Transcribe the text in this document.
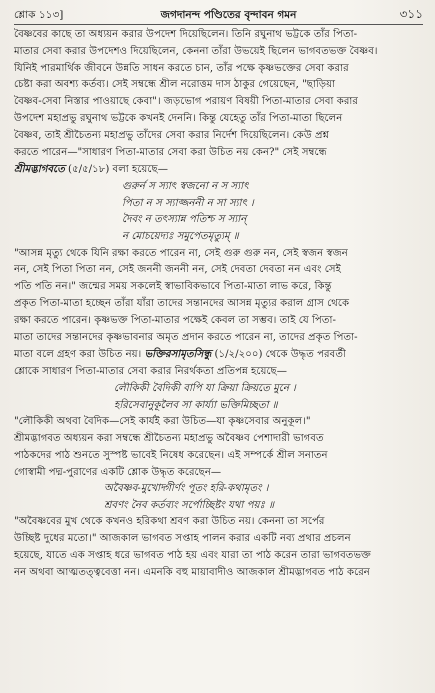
শ্লোক ১১৩]	জগদানন্দ পণ্ডিতের বৃন্দাবন গমন	৩১১

বৈষ্ণবের কাছে তা অধ্যয়ন করার উপদেশ দিয়েছিলেন। তিনি রঘুনাথ ভট্টকে তাঁর পিতা-

মাতার সেবা করার উপদেশও দিয়েছিলেন, কেননা তাঁরা উভয়েই ছিলেন ভাগবতভক্ত বৈষ্ণব।

যিনিই পারমার্থিক জীবনে উন্নতি সাধন করতে চান, তাঁর পক্ষে কৃষ্ণভক্তের সেবা করার

চেষ্টা করা অবশ্য কর্তব্য। সেই সম্বন্ধে শ্রীল নরোত্তম দাস ঠাকুর গেয়েছেন, "ছাড়িয়া

বৈষ্ণব-সেবা নিস্তার পাওয়াছে কেবা"। জড়ভোগ পরায়ণ বিষয়ী পিতা-মাতার সেবা করার

উপদেশ মহাপ্রভু রঘুনাথ ভট্টকে কখনই দেননি। কিন্তু যেহেতু তাঁর পিতা-মাতা ছিলেন

বৈষ্ণব, তাই শ্রীচৈতন্য মহাপ্রভু তাঁদের সেবা করার নির্দেশ দিয়েছিলেন। কেউ প্রশ্ন

করতে পারেন—"সাধারণ পিতা-মাতার সেবা করা উচিত নয় কেন?" সেই সম্বন্ধে

শ্রীমদ্ভাগবতে (৫/৫/১৮) বলা হয়েছে—

গুরুর্ন স স্যাৎ স্বজনো ন স স্যাৎ

পিতা ন স স্যাজ্জননী ন সা স্যাৎ ।

দৈবং ন তৎস্যান্ন পতিশ্চ স স্যান্

ন মোচয়েদ্যঃ সমুপেতমৃত্যুম্ ॥

"আসন্ন মৃত্যু থেকে যিনি রক্ষা করতে পারেন না, সেই গুরু গুরু নন, সেই স্বজন স্বজন

নন, সেই পিতা পিতা নন, সেই জননী জননী নন, সেই দেবতা দেবতা নন এবং সেই

পতি পতি নন।" জন্মের সময় সকলেই স্বাভাবিকভাবে পিতা-মাতা লাভ করে, কিন্তু

প্রকৃত পিতা-মাতা হচ্ছেন তাঁরা যাঁরা তাদের সন্তানদের আসন্ন মৃত্যুর করাল গ্রাস থেকে

রক্ষা করতে পারেন। কৃষ্ণভক্ত পিতা-মাতার পক্ষেই কেবল তা সম্ভব। তাই যে পিতা-

মাতা তাদের সন্তানদের কৃষ্ণভাবনার অমৃত প্রদান করতে পারেন না, তাদের প্রকৃত পিতা-

মাতা বলে গ্রহণ করা উচিত নয়। ভক্তিরসামৃতসিন্ধু (১/২/২০০) থেকে উদ্ধৃত পরবর্তী

শ্লোকে সাধারণ পিতা-মাতার সেবা করার নিরর্থকতা প্রতিপন্ন হয়েছে—

লৌকিকী বৈদিকী বাপি যা ক্রিয়া ক্রিয়তে মুনে ।

হরিসেবানুকূলৈব সা কার্য্যা ভক্তিমিচ্ছতা ॥

"লৌকিকী অথবা বৈদিক—সেই কার্যই করা উচিত—যা কৃষ্ণসেবার অনুকূল।"

শ্রীমদ্ভাগবত অধ্যয়ন করা সম্বন্ধে শ্রীচৈতন্য মহাপ্রভু অবৈষ্ণব পেশাদারী ভাগবত

পাঠকদের পাঠ শুনতে সুস্পষ্ট ভাবেই নিষেধ করেছেন। এই সম্পর্কে শ্রীল সনাতন

গোস্বামী পদ্ম-পুরাণের একটি শ্লোক উদ্ধৃত করেছেন—

অবৈষ্ণব-মুখোদ্গীর্ণং পূতং হরি-কথামৃতং ।

শ্রবণং নৈব কর্তব্যং সর্পোচ্ছিষ্টং যথা পয়ঃ ॥

"অবৈষ্ণবের মুখ থেকে কখনও হরিকথা শ্রবণ করা উচিত নয়। কেননা তা সর্পের

উচ্ছিষ্ট দুধের মতো।" আজকাল ভাগবত সপ্তাহ পালন করার একটি নব্য প্রথার প্রচলন

হয়েছে, যাতে এক সপ্তাহ ধরে ভাগবত পাঠ হয় এবং যারা তা পাঠ করেন তারা ভাগবতভক্ত

নন অথবা আত্মতত্ত্ববেত্তা নন। এমনকি বহু মায়াবাদীও আজকাল শ্রীমদ্ভাগবত পাঠ করেন
